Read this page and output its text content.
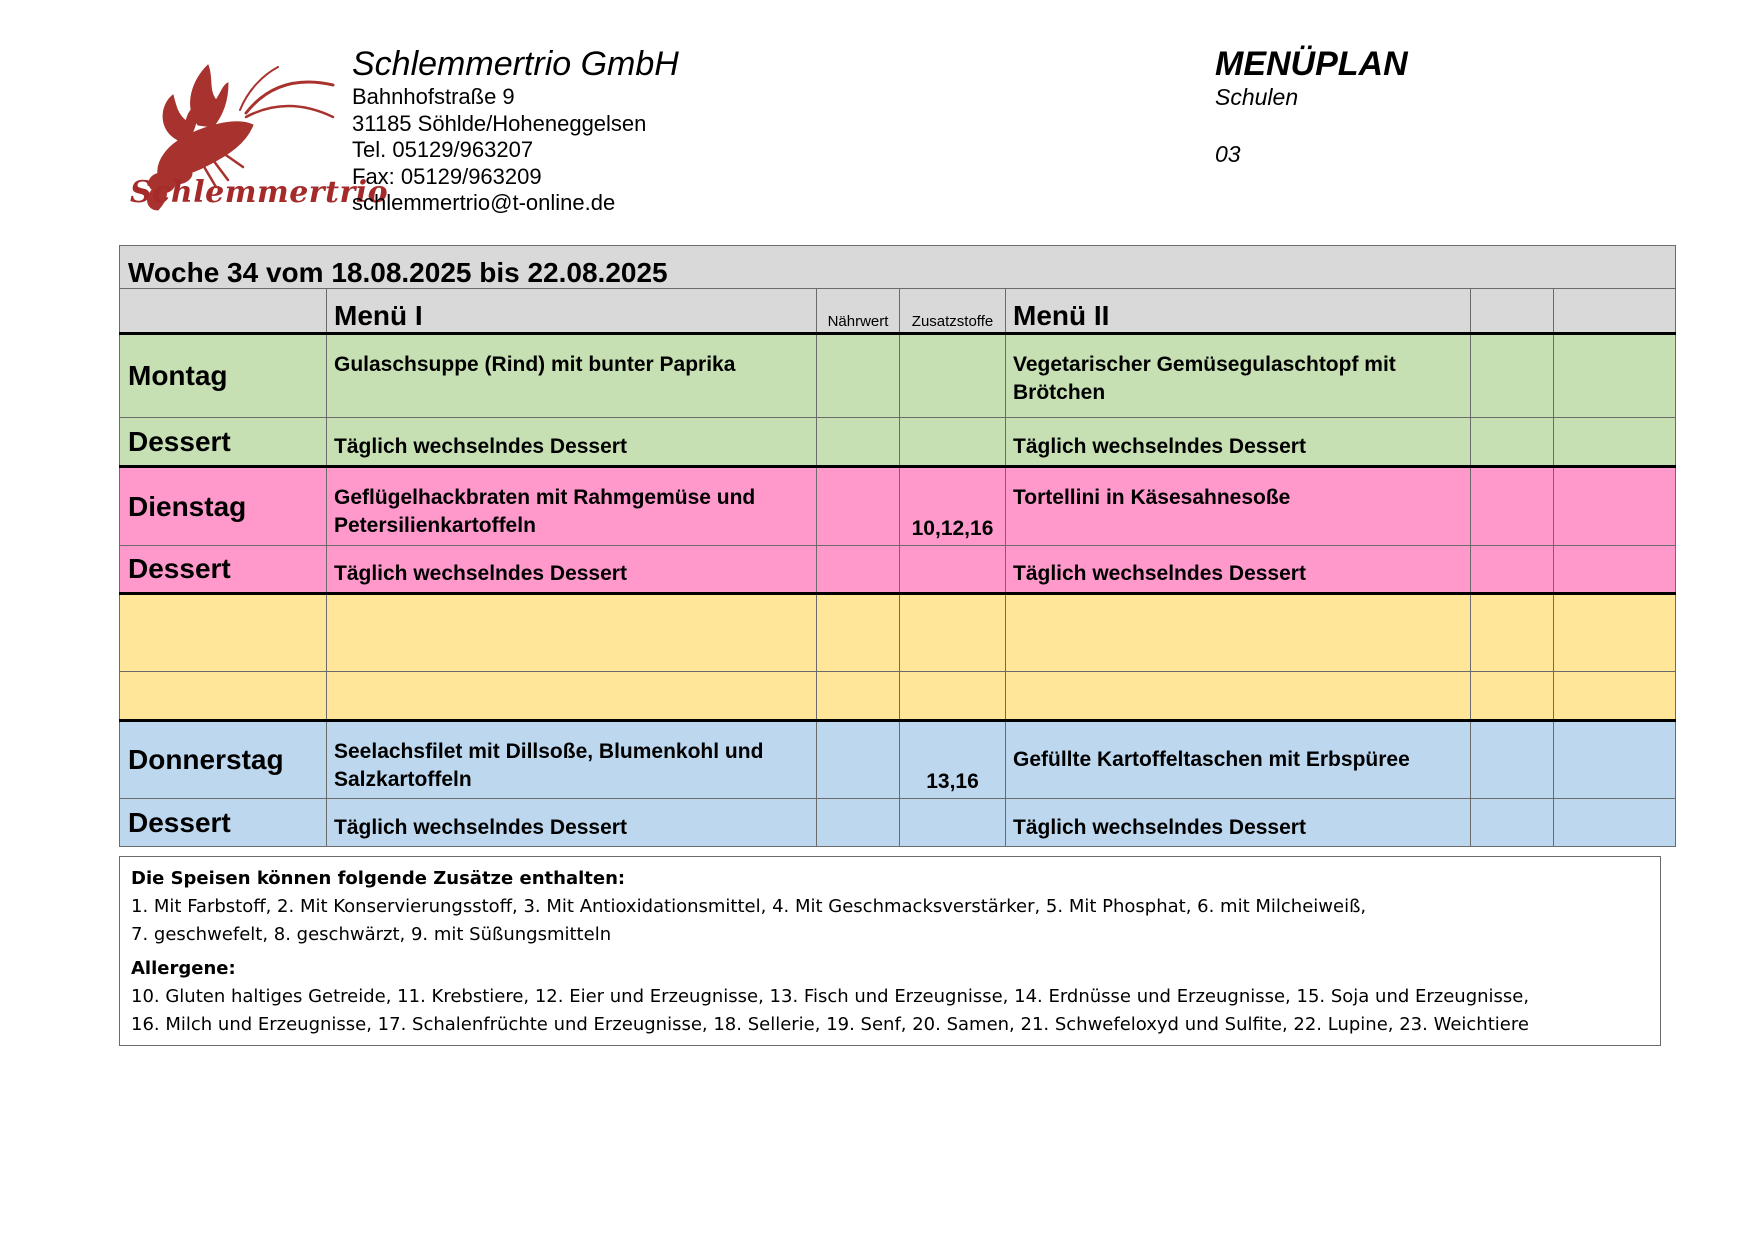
Schlemmertrio
Schlemmertrio GmbH
Bahnhofstraße 9
31185 Söhlde/Hoheneggelsen
Tel. 05129/963207
Fax: 05129/963209
schlemmertrio@t-online.de
MENÜPLAN
Schulen
03
Woche 34 vom 18.08.2025 bis 22.08.2025						
	Menü I	Nährwert	Zusatzstoffe	Menü II		
Montag	Gulaschsuppe (Rind) mit bunter Paprika			Vegetarischer Gemüsegulaschtopf mit Brötchen		
Dessert	Täglich wechselndes Dessert			Täglich wechselndes Dessert		
Dienstag	Geflügelhackbraten mit Rahmgemüse und Petersilienkartoffeln		10,12,16	Tortellini in Käsesahnesoße		
Dessert	Täglich wechselndes Dessert			Täglich wechselndes Dessert		

Donnerstag	Seelachsfilet mit Dillsoße, Blumenkohl und Salzkartoffeln		13,16	Gefüllte Kartoffeltaschen mit Erbspüree		
Dessert	Täglich wechselndes Dessert			Täglich wechselndes Dessert		
Die Speisen können folgende Zusätze enthalten:
1. Mit Farbstoff, 2. Mit Konservierungsstoff, 3. Mit Antioxidationsmittel, 4. Mit Geschmacksverstärker, 5. Mit Phosphat, 6. mit Milcheiweiß,
7. geschwefelt, 8. geschwärzt, 9. mit Süßungsmitteln
Allergene:
10. Gluten haltiges Getreide, 11. Krebstiere, 12. Eier und Erzeugnisse, 13. Fisch und Erzeugnisse, 14. Erdnüsse und Erzeugnisse, 15. Soja und Erzeugnisse,
16. Milch und Erzeugnisse, 17. Schalenfrüchte und Erzeugnisse, 18. Sellerie, 19. Senf, 20. Samen, 21. Schwefeloxyd und Sulfite, 22. Lupine, 23. Weichtiere
